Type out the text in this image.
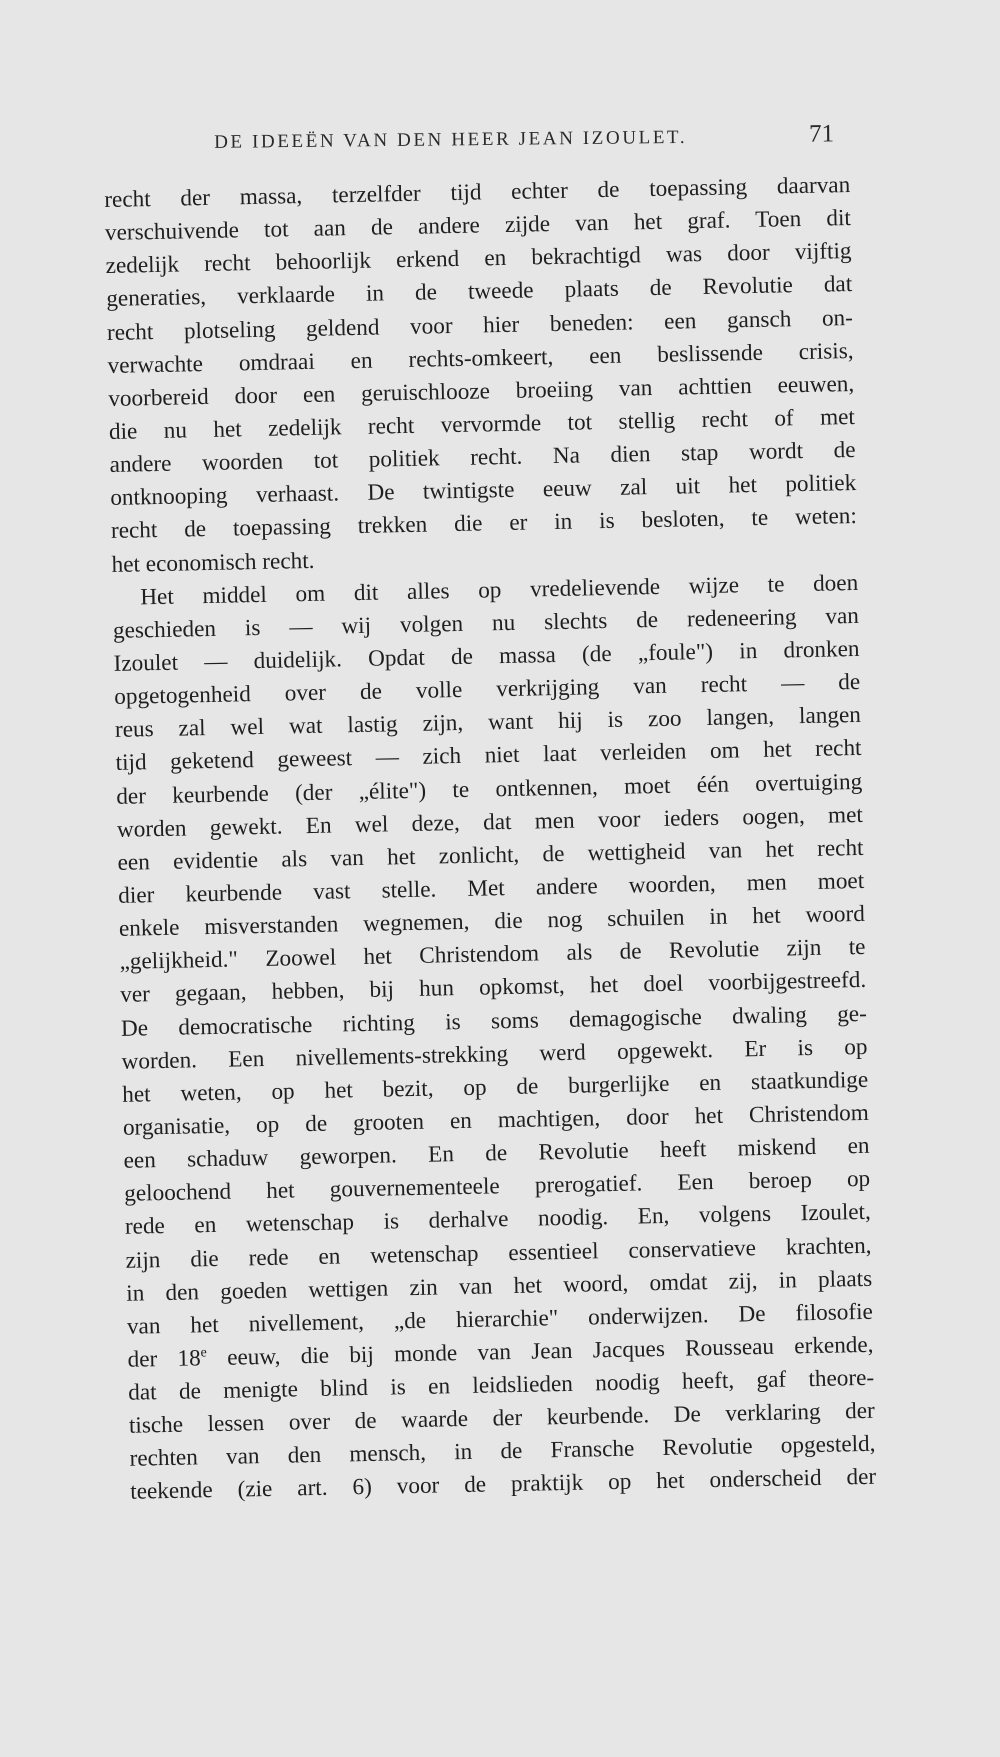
DE IDEEËN VAN DEN HEER JEAN IZOULET.	71
recht der massa, terzelfder tijd echter de toepassing daarvan
verschuivende tot aan de andere zijde van het graf. Toen dit
zedelijk recht behoorlijk erkend en bekrachtigd was door vijftig
generaties, verklaarde in de tweede plaats de Revolutie dat
recht plotseling geldend voor hier beneden: een gansch on-
verwachte omdraai en rechts-omkeert, een beslissende crisis,
voorbereid door een geruischlooze broeiing van achttien eeuwen,
die nu het zedelijk recht vervormde tot stellig recht of met
andere woorden tot politiek recht. Na dien stap wordt de
ontknooping verhaast. De twintigste eeuw zal uit het politiek
recht de toepassing trekken die er in is besloten, te weten:
het economisch recht.
Het middel om dit alles op vredelievende wijze te doen
geschieden is — wij volgen nu slechts de redeneering van
Izoulet — duidelijk. Opdat de massa (de „foule") in dronken
opgetogenheid over de volle verkrijging van recht — de
reus zal wel wat lastig zijn, want hij is zoo langen, langen
tijd geketend geweest — zich niet laat verleiden om het recht
der keurbende (der „élite") te ontkennen, moet één overtuiging
worden gewekt. En wel deze, dat men voor ieders oogen, met
een evidentie als van het zonlicht, de wettigheid van het recht
dier keurbende vast stelle. Met andere woorden, men moet
enkele misverstanden wegnemen, die nog schuilen in het woord
„gelijkheid." Zoowel het Christendom als de Revolutie zijn te
ver gegaan, hebben, bij hun opkomst, het doel voorbijgestreefd.
De democratische richting is soms demagogische dwaling ge-
worden. Een nivellements-strekking werd opgewekt. Er is op
het weten, op het bezit, op de burgerlijke en staatkundige
organisatie, op de grooten en machtigen, door het Christendom
een schaduw geworpen. En de Revolutie heeft miskend en
geloochend het gouvernementeele prerogatief. Een beroep op
rede en wetenschap is derhalve noodig. En, volgens Izoulet,
zijn die rede en wetenschap essentieel conservatieve krachten,
in den goeden wettigen zin van het woord, omdat zij, in plaats
van het nivellement, „de hierarchie" onderwijzen. De filosofie
der 18e eeuw, die bij monde van Jean Jacques Rousseau erkende,
dat de menigte blind is en leidslieden noodig heeft, gaf theore-
tische lessen over de waarde der keurbende. De verklaring der
rechten van den mensch, in de Fransche Revolutie opgesteld,
teekende (zie art. 6) voor de praktijk op het onderscheid der
